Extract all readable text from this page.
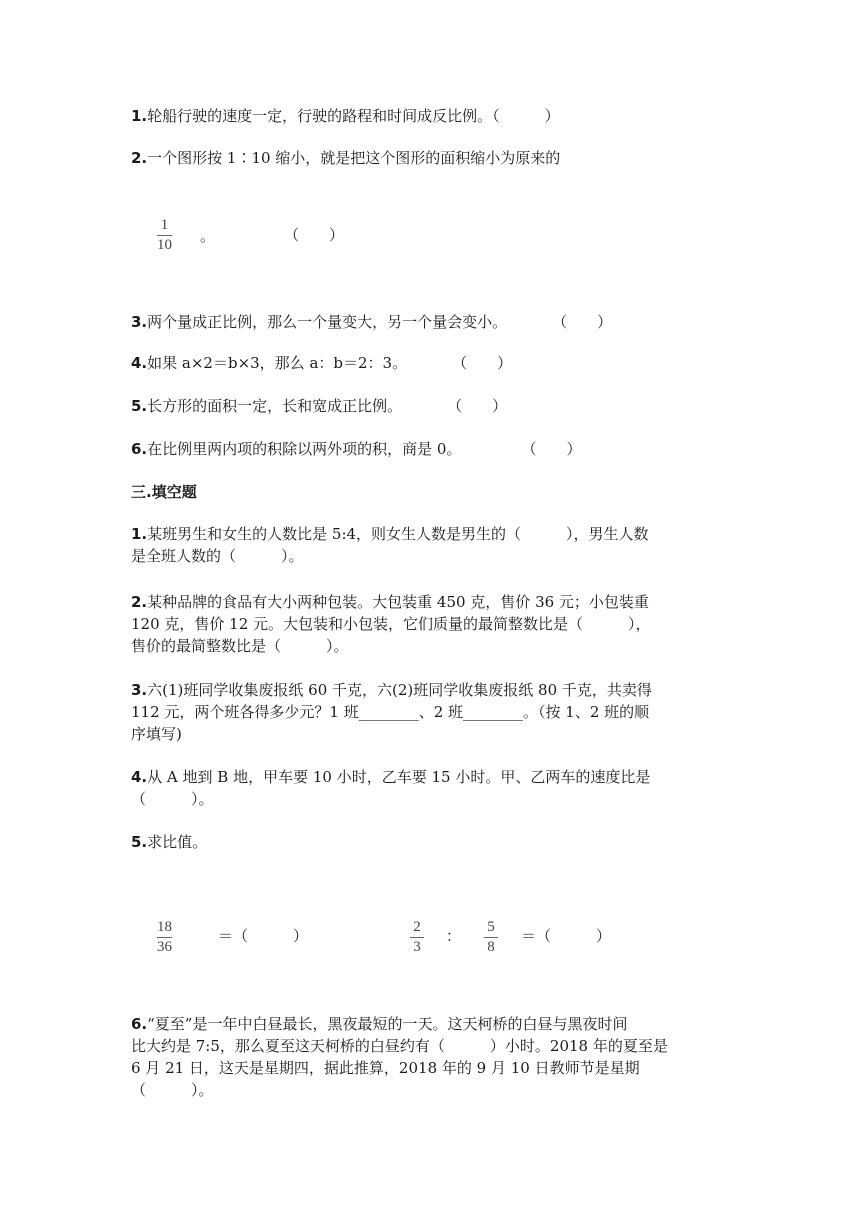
1.轮船行驶的速度一定，行驶的路程和时间成反比例。（　　　）
2.一个图形按 1∶10 缩小，就是把这个图形的面积缩小为原来的
1
10 。	（　　）
3.两个量成正比例，那么一个量变大，另一个量会变小。　　　　（　　）
4.如果 a×2＝b×3，那么 a：b＝2：3。　　　　（　　）
5.长方形的面积一定，长和宽成正比例。　　　　（　　）
6.在比例里两内项的积除以两外项的积，商是 0。　　　　　（　　）
三.填空题
1.某班男生和女生的人数比是 5:4，则女生人数是男生的（　　　），男生人数
是全班人数的（　　　）。
2.某种品牌的食品有大小两种包装。大包装重 450 克，售价 36 元；小包装重
120 克，售价 12 元。大包装和小包装，它们质量的最简整数比是（　　　），
售价的最简整数比是（　　　）。
3.六(1)班同学收集废报纸 60 千克，六(2)班同学收集废报纸 80 千克，共卖得
112 元，两个班各得多少元？1 班________、2 班________。（按 1、2 班的顺
序填写)
4.从 A 地到 B 地，甲车要 10 小时，乙车要 15 小时。甲、乙两车的速度比是
（　　　）。
5.求比值。
18
36
＝（　　　）	2
3
： 5
8
＝（　　　）
6.“夏至”是一年中白昼最长，黑夜最短的一天。这天柯桥的白昼与黑夜时间
比大约是 7:5，那么夏至这天柯桥的白昼约有（　　　）小时。2018 年的夏至是
6 月 21 日，这天是星期四，据此推算，2018 年的 9 月 10 日教师节是星期
（　　　）。
